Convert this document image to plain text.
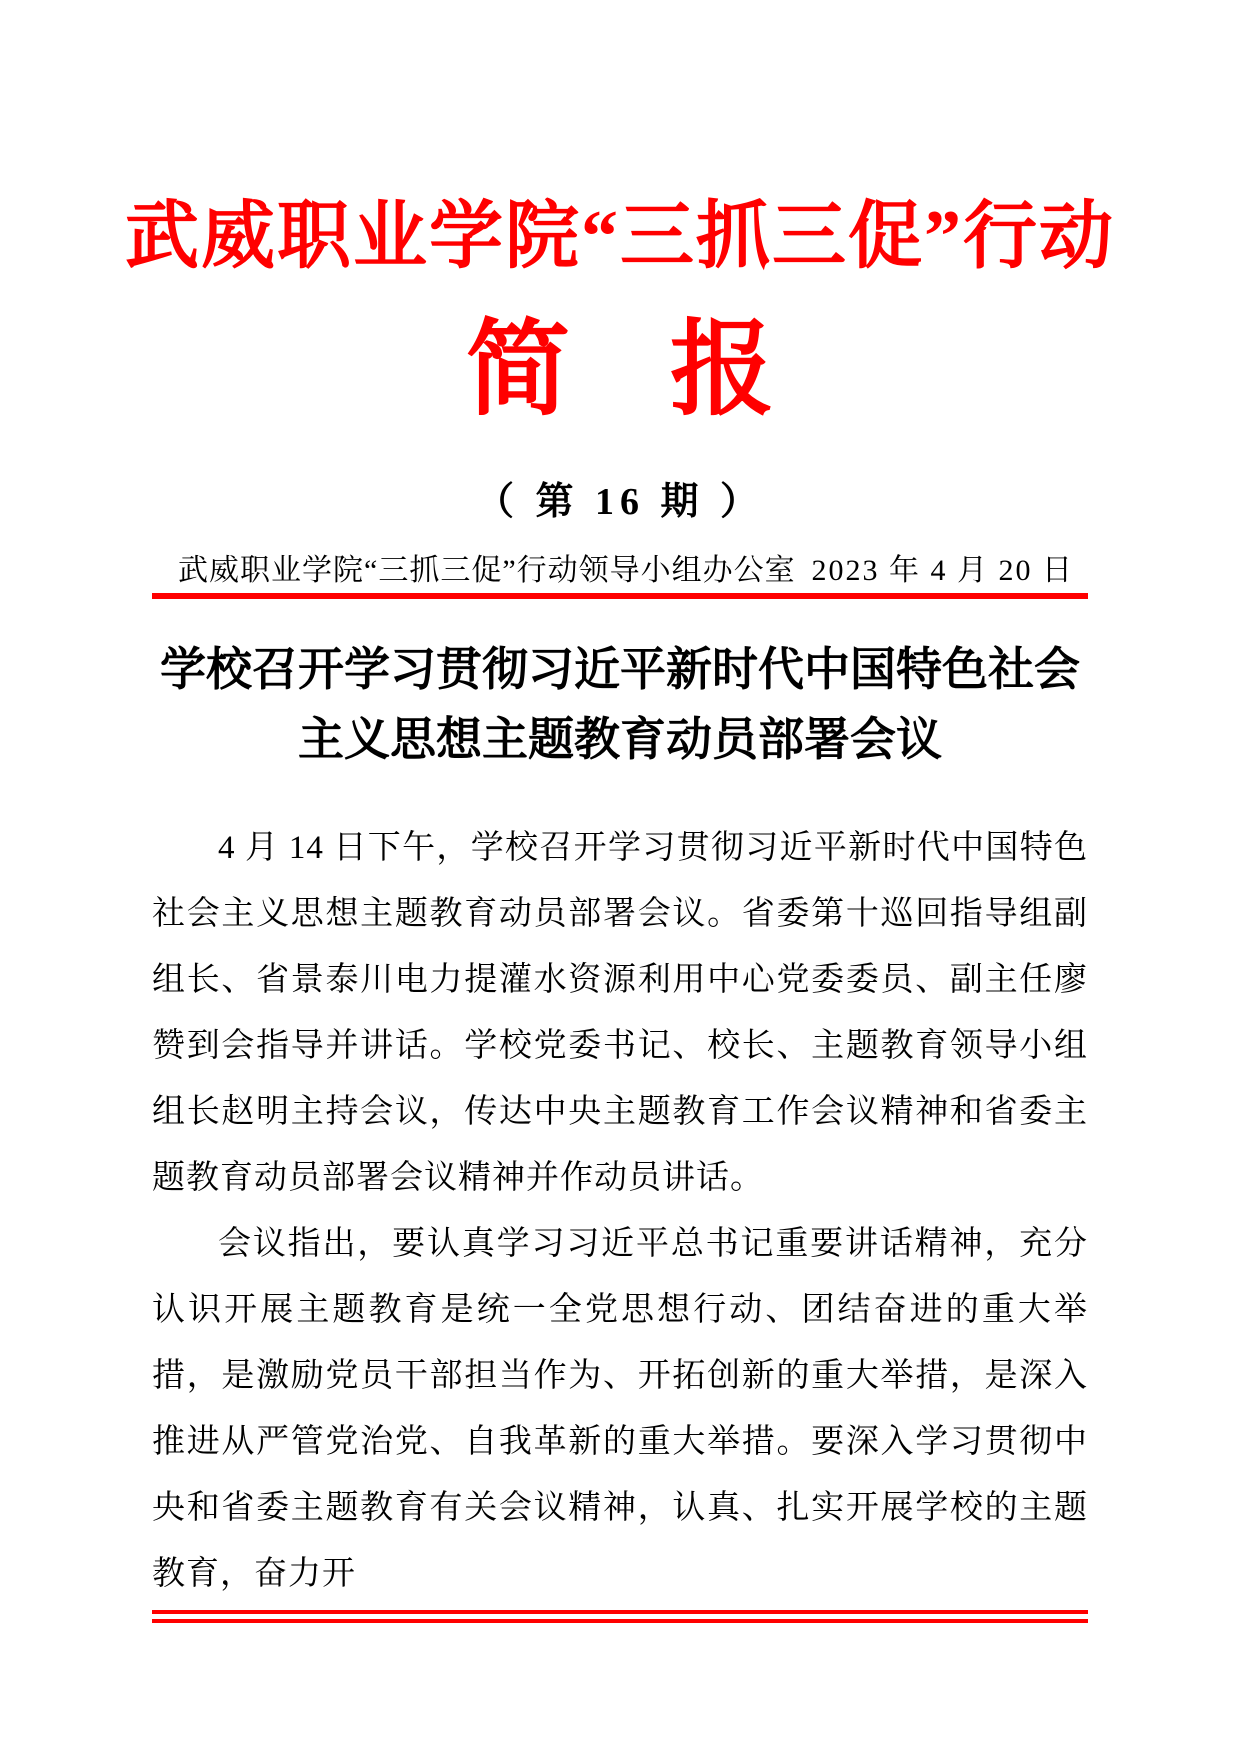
武威职业学院“三抓三促”行动
简 报
（ 第 16 期 ）
武威职业学院“三抓三促”行动领导小组办公室 2023 年 4 月 20 日
学校召开学习贯彻习近平新时代中国特色社会主义思想主题教育动员部署会议

4 月 14 日下午，学校召开学习贯彻习近平新时代中国特色社会主义思想主题教育动员部署会议。省委第十巡回指导组副组长、省景泰川电力提灌水资源利用中心党委委员、副主任廖赞到会指导并讲话。学校党委书记、校长、主题教育领导小组组长赵明主持会议，传达中央主题教育工作会议精神和省委主题教育动员部署会议精神并作动员讲话。

会议指出，要认真学习习近平总书记重要讲话精神，充分认识开展主题教育是统一全党思想行动、团结奋进的重大举措，是激励党员干部担当作为、开拓创新的重大举措，是深入推进从严管党治党、自我革新的重大举措。要深入学习贯彻中央和省委主题教育有关会议精神，认真、扎实开展学校的主题教育，奋力开
